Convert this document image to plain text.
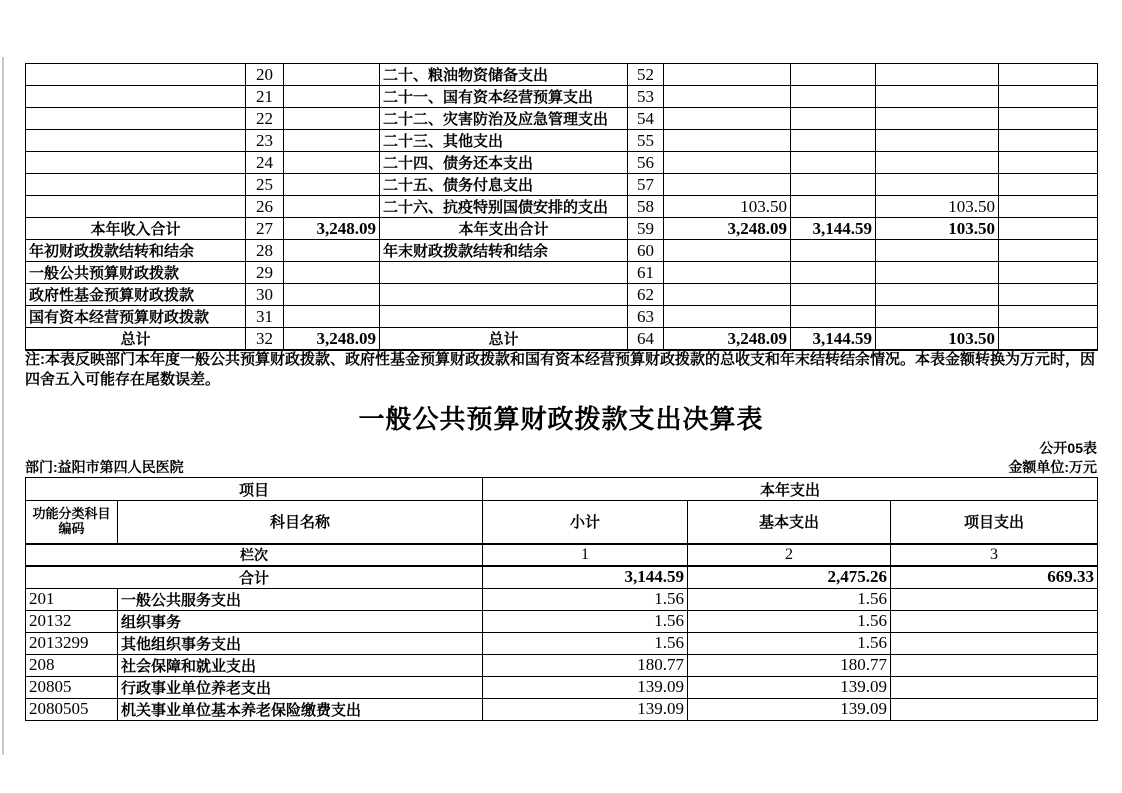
	20		二十、粮油物资储备支出	52				
	21		二十一、国有资本经营预算支出	53				
	22		二十二、灾害防治及应急管理支出	54				
	23		二十三、其他支出	55				
	24		二十四、债务还本支出	56				
	25		二十五、债务付息支出	57				
	26		二十六、抗疫特别国债安排的支出	58	103.50		103.50	
本年收入合计	27	3,248.09	本年支出合计	59	3,248.09	3,144.59	103.50	
年初财政拨款结转和结余	28		年末财政拨款结转和结余	60				
一般公共预算财政拨款	29			61				
政府性基金预算财政拨款	30			62				
国有资本经营预算财政拨款	31			63				
总计	32	3,248.09	总计	64	3,248.09	3,144.59	103.50	
注:本表反映部门本年度一般公共预算财政拨款、政府性基金预算财政拨款和国有资本经营预算财政拨款的总收支和年末结转结余情况。本表金额转换为万元时，因四舍五入可能存在尾数误差。
一般公共预算财政拨款支出决算表
公开05表
部门:益阳市第四人民医院	金额单位:万元
项目		本年支出		
功能分类科目编码	科目名称	小计	基本支出	项目支出
栏次		1	2	3
合计		3,144.59	2,475.26	669.33
201	一般公共服务支出	1.56	1.56	
20132	组织事务	1.56	1.56	
2013299	其他组织事务支出	1.56	1.56	
208	社会保障和就业支出	180.77	180.77	
20805	行政事业单位养老支出	139.09	139.09	
2080505	机关事业单位基本养老保险缴费支出	139.09	139.09	
